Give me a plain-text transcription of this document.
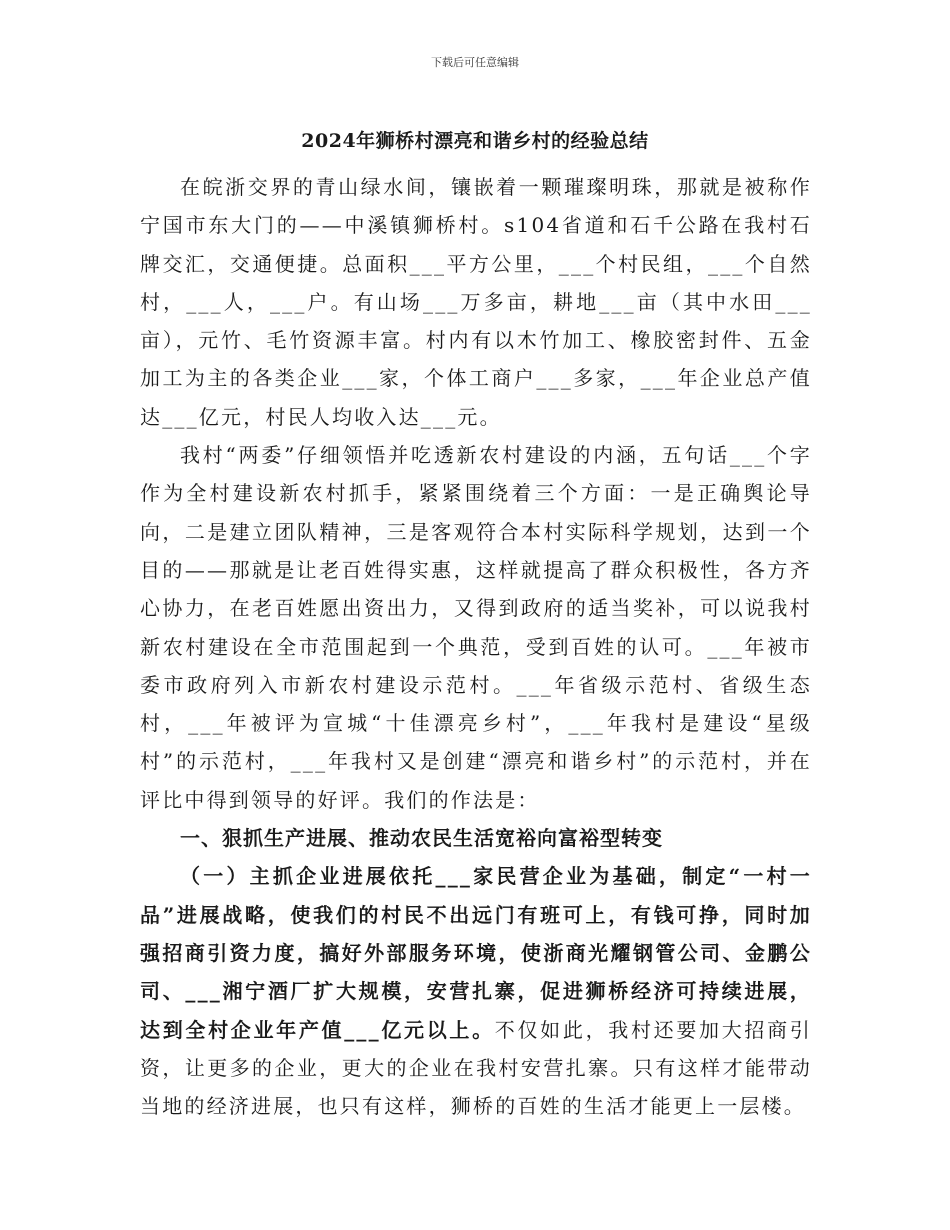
下载后可任意编辑
2024年狮桥村漂亮和谐乡村的经验总结

在皖浙交界的青山绿水间，镶嵌着一颗璀璨明珠，那就是被称作宁国市东大门的——中溪镇狮桥村。s104省道和石千公路在我村石牌交汇，交通便捷。总面积___平方公里，___个村民组，___个自然村，___人，___户。有山场___万多亩，耕地___亩（其中水田___亩），元竹、毛竹资源丰富。村内有以木竹加工、橡胶密封件、五金加工为主的各类企业___家，个体工商户___多家，___年企业总产值达___亿元，村民人均收入达___元。

我村“两委”仔细领悟并吃透新农村建设的内涵，五句话___个字作为全村建设新农村抓手，紧紧围绕着三个方面：一是正确舆论导向，二是建立团队精神，三是客观符合本村实际科学规划，达到一个目的——那就是让老百姓得实惠，这样就提高了群众积极性，各方齐心协力，在老百姓愿出资出力，又得到政府的适当奖补，可以说我村新农村建设在全市范围起到一个典范，受到百姓的认可。___年被市委市政府列入市新农村建设示范村。___年省级示范村、省级生态村，___年被评为宣城“十佳漂亮乡村”，___年我村是建设“星级村”的示范村，___年我村又是创建“漂亮和谐乡村”的示范村，并在评比中得到领导的好评。我们的作法是：

一、狠抓生产进展、推动农民生活宽裕向富裕型转变

（一）主抓企业进展依托___家民营企业为基础，制定“一村一品”进展战略，使我们的村民不出远门有班可上，有钱可挣，同时加强招商引资力度，搞好外部服务环境，使浙商光耀钢管公司、金鹏公司、___湘宁酒厂扩大规模，安营扎寨，促进狮桥经济可持续进展，达到全村企业年产值___亿元以上。不仅如此，我村还要加大招商引资，让更多的企业，更大的企业在我村安营扎寨。只有这样才能带动当地的经济进展，也只有这样，狮桥的百姓的生活才能更上一层楼。
